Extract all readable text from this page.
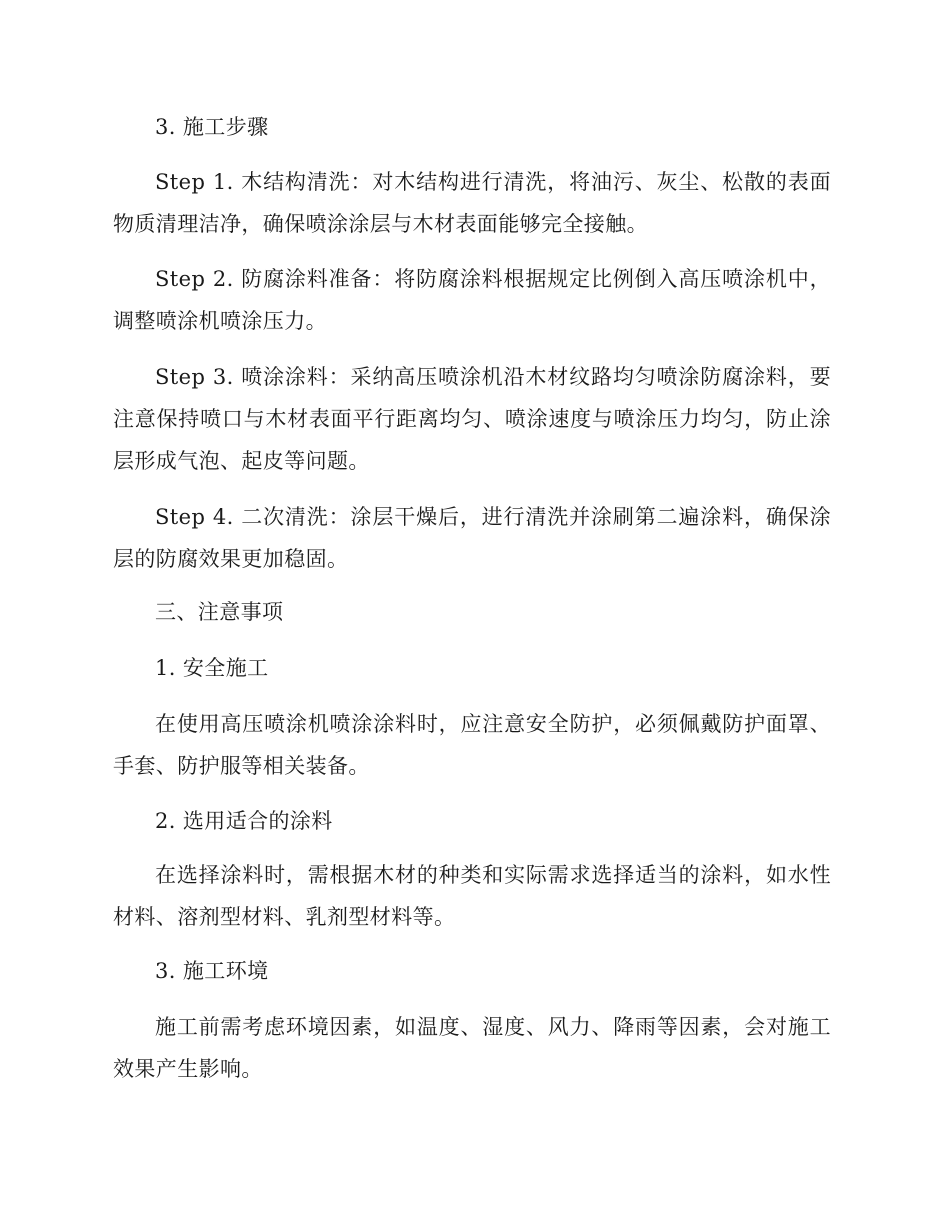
3. 施工步骤

Step 1. 木结构清洗：对木结构进行清洗，将油污、灰尘、松散的表面物质清理洁净，确保喷涂涂层与木材表面能够完全接触。

Step 2. 防腐涂料准备：将防腐涂料根据规定比例倒入高压喷涂机中，调整喷涂机喷涂压力。

Step 3. 喷涂涂料：采纳高压喷涂机沿木材纹路均匀喷涂防腐涂料，要注意保持喷口与木材表面平行距离均匀、喷涂速度与喷涂压力均匀，防止涂层形成气泡、起皮等问题。

Step 4. 二次清洗：涂层干燥后，进行清洗并涂刷第二遍涂料，确保涂层的防腐效果更加稳固。

三、注意事项

1. 安全施工

在使用高压喷涂机喷涂涂料时，应注意安全防护，必须佩戴防护面罩、手套、防护服等相关装备。

2. 选用适合的涂料

在选择涂料时，需根据木材的种类和实际需求选择适当的涂料，如水性材料、溶剂型材料、乳剂型材料等。

3. 施工环境

施工前需考虑环境因素，如温度、湿度、风力、降雨等因素，会对施工效果产生影响。
